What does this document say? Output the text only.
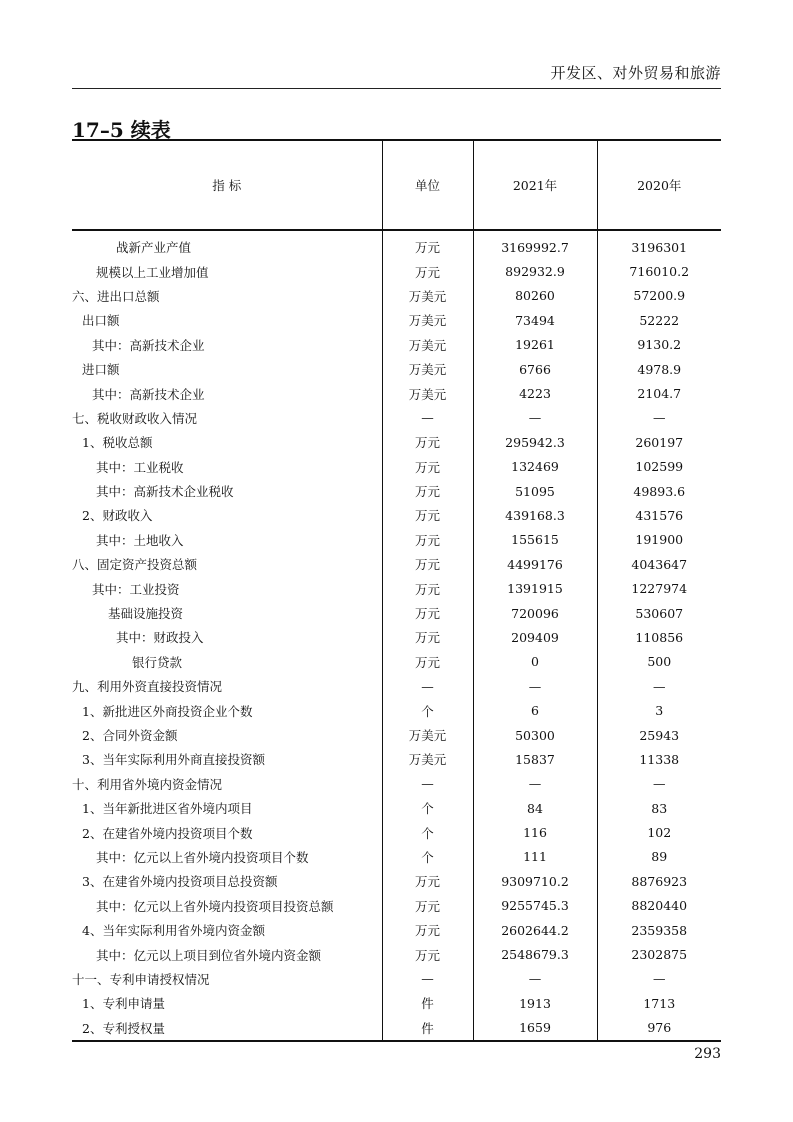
开发区、对外贸易和旅游
17–5 续表
指 标	单位	2021年	2020年
战新产业产值	万元	3169992.7	3196301
规模以上工业增加值	万元	892932.9	716010.2
六、进出口总额	万美元	80260	57200.9
出口额	万美元	73494	52222
其中：高新技术企业	万美元	19261	9130.2
进口额	万美元	6766	4978.9
其中：高新技术企业	万美元	4223	2104.7
七、税收财政收入情况	—	—	—
1、税收总额	万元	295942.3	260197
其中：工业税收	万元	132469	102599
其中：高新技术企业税收	万元	51095	49893.6
2、财政收入	万元	439168.3	431576
其中：土地收入	万元	155615	191900
八、固定资产投资总额	万元	4499176	4043647
其中：工业投资	万元	1391915	1227974
基础设施投资	万元	720096	530607
其中：财政投入	万元	209409	110856
银行贷款	万元	0	500
九、利用外资直接投资情况	—	—	—
1、新批进区外商投资企业个数	个	6	3
2、合同外资金额	万美元	50300	25943
3、当年实际利用外商直接投资额	万美元	15837	11338
十、利用省外境内资金情况	—	—	—
1、当年新批进区省外境内项目	个	84	83
2、在建省外境内投资项目个数	个	116	102
其中：亿元以上省外境内投资项目个数	个	111	89
3、在建省外境内投资项目总投资额	万元	9309710.2	8876923
其中：亿元以上省外境内投资项目投资总额	万元	9255745.3	8820440
4、当年实际利用省外境内资金额	万元	2602644.2	2359358
其中：亿元以上项目到位省外境内资金额	万元	2548679.3	2302875
十一、专利申请授权情况	—	—	—
1、专利申请量	件	1913	1713
2、专利授权量	件	1659	976
293
